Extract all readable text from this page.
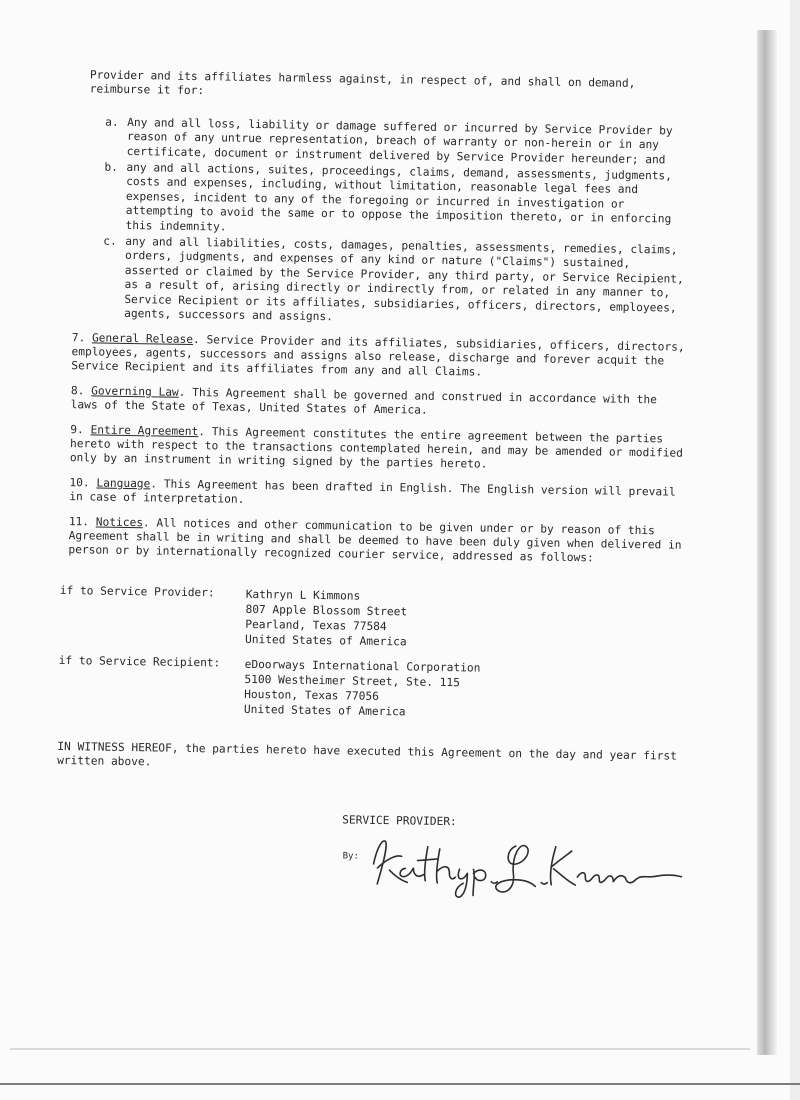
Provider and its affiliates harmless against, in respect of, and shall on demand, reimburse it for:

a. Any and all loss, liability or damage suffered or incurred by Service Provider by reason of any untrue representation, breach of warranty or non-herein or in any certificate, document or instrument delivered by Service Provider hereunder; and
b. any and all actions, suites, proceedings, claims, demand, assessments, judgments, costs and expenses, including, without limitation, reasonable legal fees and expenses, incident to any of the foregoing or incurred in investigation or attempting to avoid the same or to oppose the imposition thereto, or in enforcing this indemnity.
c. any and all liabilities, costs, damages, penalties, assessments, remedies, claims, orders, judgments, and expenses of any kind or nature ("Claims") sustained, asserted or claimed by the Service Provider, any third party, or Service Recipient, as a result of, arising directly or indirectly from, or related in any manner to, Service Recipient or its affiliates, subsidiaries, officers, directors, employees, agents, successors and assigns.

7. General Release. Service Provider and its affiliates, subsidiaries, officers, directors, employees, agents, successors and assigns also release, discharge and forever acquit the Service Recipient and its affiliates from any and all Claims.

8. Governing Law. This Agreement shall be governed and construed in accordance with the laws of the State of Texas, United States of America.

9. Entire Agreement. This Agreement constitutes the entire agreement between the parties hereto with respect to the transactions contemplated herein, and may be amended or modified only by an instrument in writing signed by the parties hereto.

10. Language. This Agreement has been drafted in English. The English version will prevail in case of interpretation.

11. Notices. All notices and other communication to be given under or by reason of this Agreement shall be in writing and shall be deemed to have been duly given when delivered in person or by internationally recognized courier service, addressed as follows:

if to Service Provider:	Kathryn L Kimmons
807 Apple Blossom Street
Pearland, Texas 77584
United States of America
if to Service Recipient:	eDoorways International Corporation
5100 Westheimer Street, Ste. 115
Houston, Texas 77056
United States of America

IN WITNESS HEREOF, the parties hereto have executed this Agreement on the day and year first written above.

SERVICE PROVIDER:
By:
